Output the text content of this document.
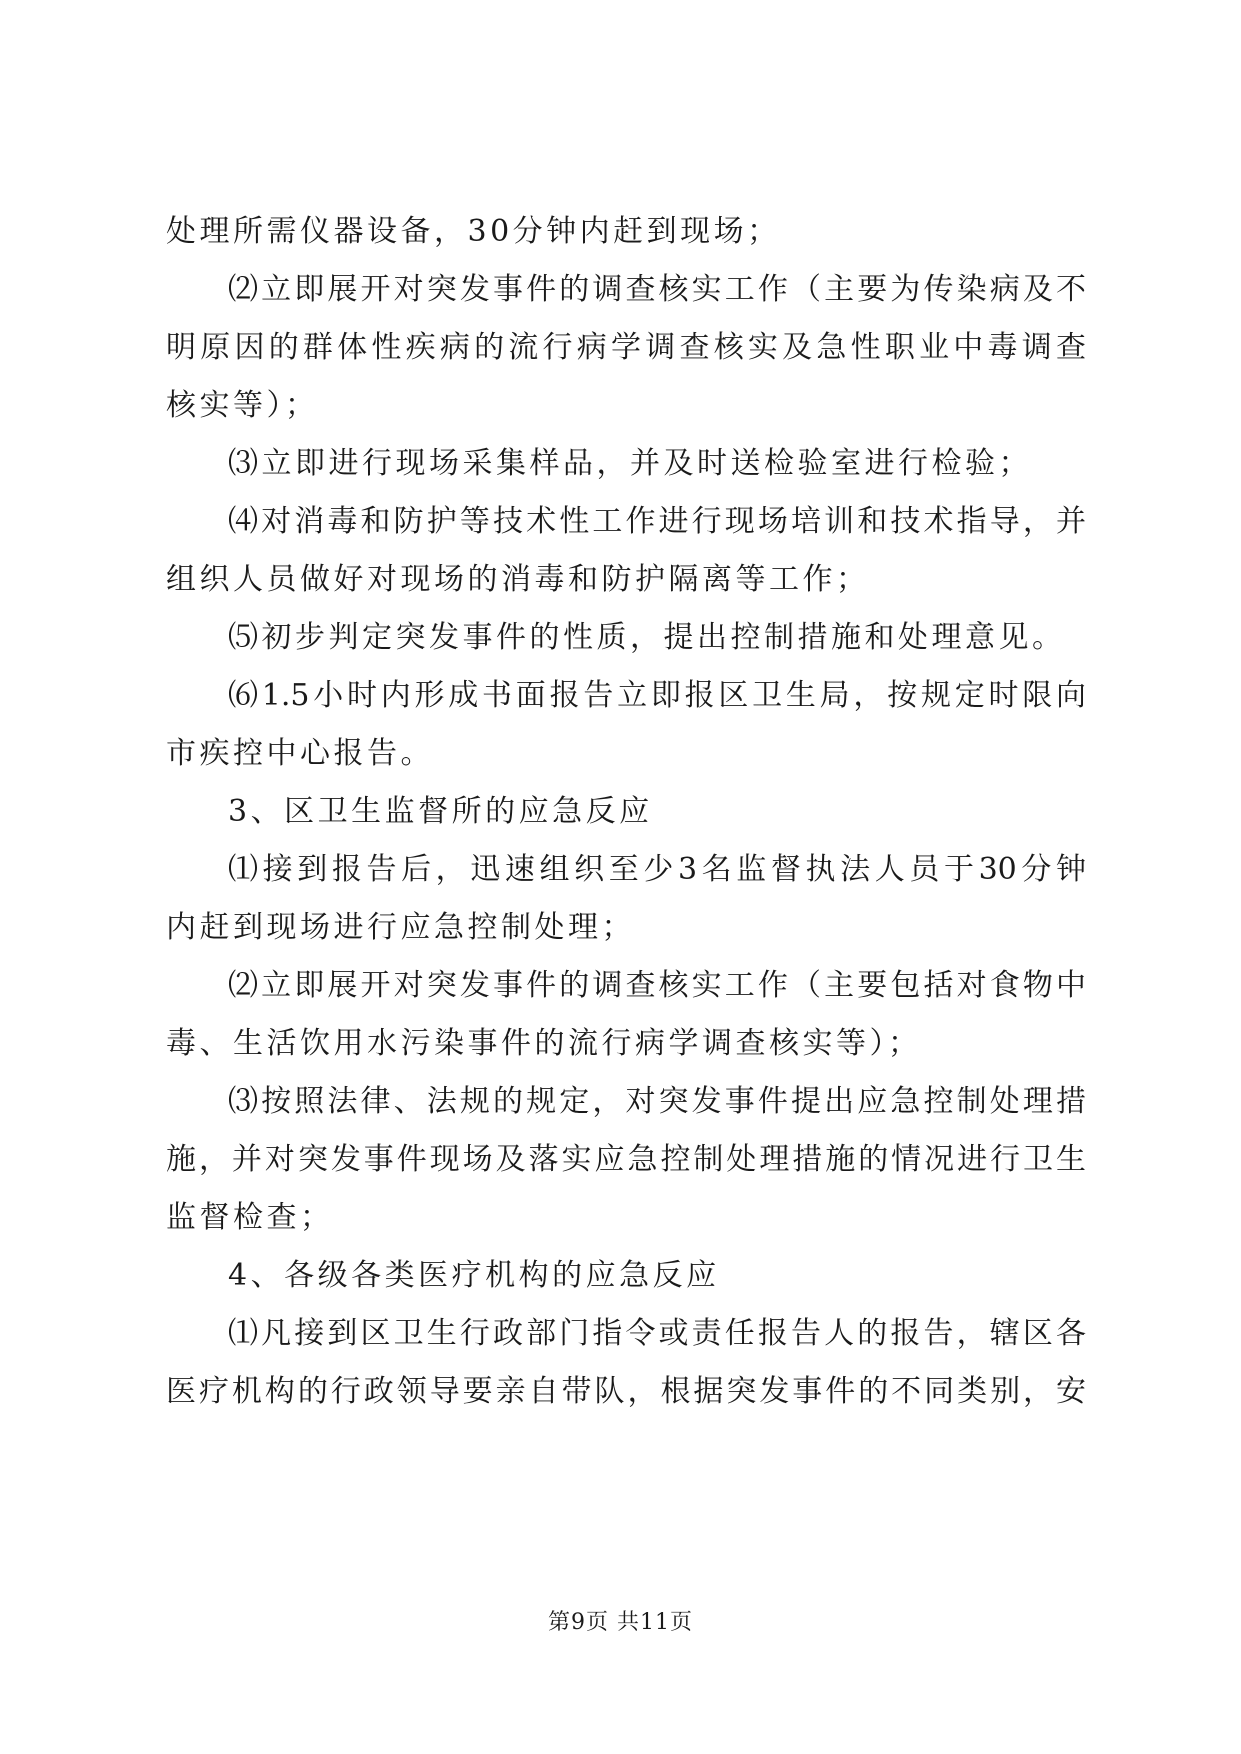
处理所需仪器设备，30分钟内赶到现场；
⑵立即展开对突发事件的调查核实工作（主要为传染病及不
明原因的群体性疾病的流行病学调查核实及急性职业中毒调查
核实等）；
⑶立即进行现场采集样品，并及时送检验室进行检验；
⑷对消毒和防护等技术性工作进行现场培训和技术指导，并
组织人员做好对现场的消毒和防护隔离等工作；
⑸初步判定突发事件的性质，提出控制措施和处理意见。
⑹1.5小时内形成书面报告立即报区卫生局，按规定时限向
市疾控中心报告。
3、区卫生监督所的应急反应
⑴接到报告后，迅速组织至少3名监督执法人员于30分钟
内赶到现场进行应急控制处理；
⑵立即展开对突发事件的调查核实工作（主要包括对食物中
毒、生活饮用水污染事件的流行病学调查核实等）；
⑶按照法律、法规的规定，对突发事件提出应急控制处理措
施，并对突发事件现场及落实应急控制处理措施的情况进行卫生
监督检查；
4、各级各类医疗机构的应急反应
⑴凡接到区卫生行政部门指令或责任报告人的报告，辖区各
医疗机构的行政领导要亲自带队，根据突发事件的不同类别，安
第9页 共11页
